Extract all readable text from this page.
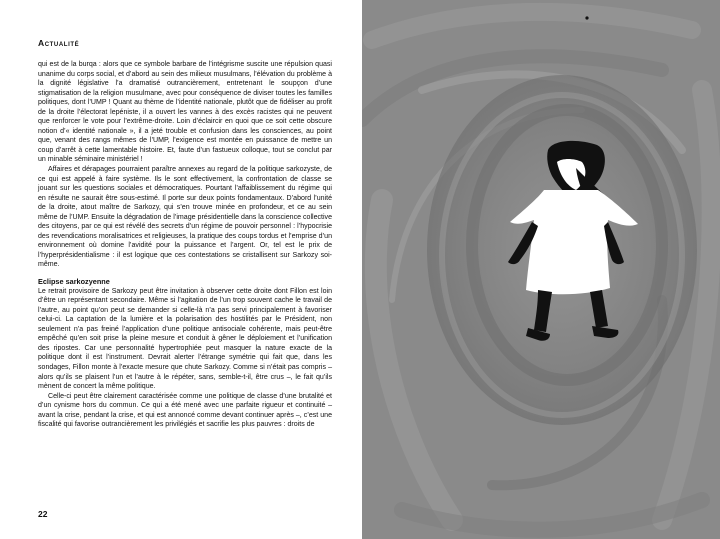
Actualité

qui est de la burqa : alors que ce symbole barbare de l’intégrisme suscite une répulsion quasi unanime du corps social, et d’abord au sein des milieux musulmans, l’élévation du problème à la dignité législative l’a dramatisé outrancièrement, entretenant le soupçon d’une stigmatisation de la religion musulmane, avec pour conséquence de diviser toutes les familles politiques, dont l’UMP ! Quant au thème de l’identité nationale, plutôt que de fidéliser au profit de la droite l’électorat lepéniste, il a ouvert les vannes à des excès racistes qui ne peuvent que renforcer le vote pour l’extrême-droite. Loin d’éclaircir en quoi que ce soit cette obscure notion d’« identité nationale », il a jeté trouble et confusion dans les consciences, au point que, venant des rangs mêmes de l’UMP, l’exigence est montée en puissance de mettre un coup d’arrêt à cette lamentable histoire. Et, faute d’un fastueux colloque, tout se conclut par un minable séminaire ministériel !

Affaires et dérapages pourraient paraître annexes au regard de la politique sarkozyste, de ce qui est appelé à faire système. Ils le sont effectivement, la confrontation de classe se jouant sur les questions sociales et démocratiques. Pourtant l’affaiblissement du régime qui en résulte ne saurait être sous-estimé. Il porte sur deux points fondamentaux. D’abord l’unité de la droite, atout maître de Sarkozy, qui s’en trouve minée en profondeur, et ce au sein même de l’UMP. Ensuite la dégradation de l’image présidentielle dans la conscience collective des citoyens, par ce qui est révélé des secrets d’un régime de pouvoir personnel : l’hypocrisie des revendications moralisatrices et religieuses, la pratique des coups tordus et l’emprise d’un environnement où domine l’avidité pour la puissance et l’argent. Or, tel est le prix de l’hyperprésidentialisme : il est logique que ces contestations se cristallisent sur Sarkozy soi-même.

Eclipse sarkozyenne

Le retrait provisoire de Sarkozy peut être invitation à observer cette droite dont Fillon est loin d’être un représentant secondaire. Même si l’agitation de l’un trop souvent cache le travail de l’autre, au point qu’on peut se demander si celle-là n’a pas servi principalement à favoriser celui-ci. La captation de la lumière et la polarisation des hostilités par le Président, non seulement n’a pas freiné l’application d’une politique antisociale cohérente, mais peut-être empêché qu’en soit prise la pleine mesure et conduit à gêner le déploiement et l’unification des ripostes. Car une personnalité hypertrophiée peut masquer la nature exacte de la politique dont il est l’instrument. Devrait alerter l’étrange symétrie qui fait que, dans les sondages, Fillon monte à l’exacte mesure que chute Sarkozy. Comme si n’était pas compris – alors qu’ils se plaisent l’un et l’autre à le répéter, sans, semble-t-il, être crus –, le fait qu’ils mènent de concert la même politique.

Celle-ci peut être clairement caractérisée comme une politique de classe d’une brutalité et d’un cynisme hors du commun. Ce qui a été mené avec une parfaite rigueur et continuité – avant la crise, pendant la crise, et qui est annoncé comme devant continuer après –, c’est une fiscalité qui favorise outrancièrement les privilégiés et sacrifie les plus pauvres : droits de

22
